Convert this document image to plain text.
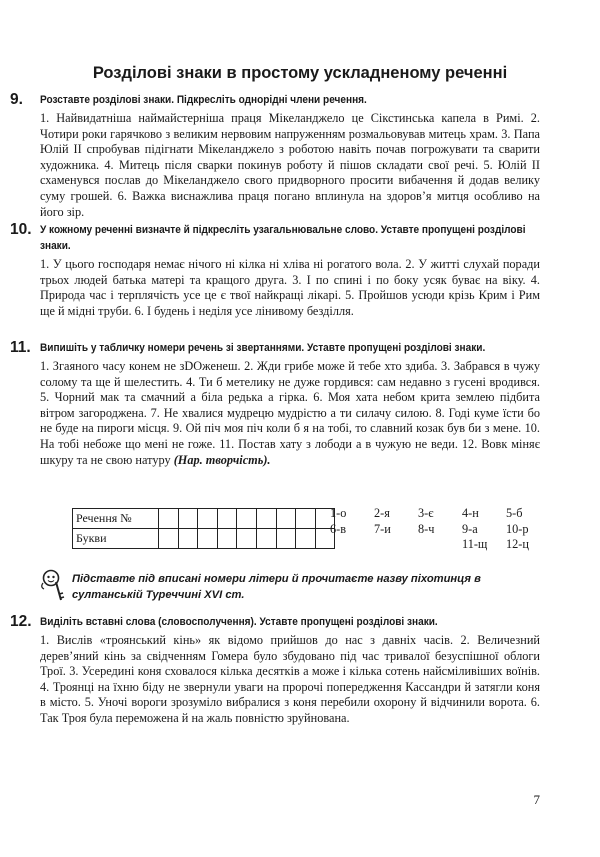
Розділові знаки в простому ускладненому реченні
9. Розставте розділові знаки. Підкресліть однорідні члени речення.

1. Найвидатніша наймайстерніша праця Мікеланджело це Сікстинська капела в Римі. 2. Чотири роки гарячково з великим нервовим напруженням розмальовував митець храм. 3. Папа Юлій ІІ спробував підігнати Мікеланджело з роботою навіть почав погрожувати та сварити художника. 4. Митець після сварки покинув роботу й пішов складати свої речі. 5. Юлій ІІ схаменувся послав до Мікеланджело свого придворного просити вибачення й додав велику суму грошей. 6. Важка виснажлива праця погано вплинула на здоров’я митця особливо на його зір.

10. У кожному реченні визначте й підкресліть узагальнювальне слово. Уставте пропущені розділові знаки.

1. У цього господаря немає нічого ні кілка ні хліва ні рогатого вола. 2. У житті слухай поради трьох людей батька матері та кращого друга. 3. І по спині і по боку усяк буває на віку. 4. Природа час і терплячість усе це є твої найкращі лікарі. 5. Пройшов усюди крізь Крим і Рим ще й мідні труби. 6. І будень і неділя усе лінивому безділля.

11. Випишіть у табличку номери речень зі звертаннями. Уставте пропущені розділові знаки.

1. Згаяного часу конем не зDOженеш. 2. Жди грибе може й тебе хто здиба. 3. Забрався в чужу солому та ще й шелестить. 4. Ти б метелику не дуже гордився: сам недавно з гусені вродився. 5. Чорний мак та смачний a біла редька a гірка. 6. Моя хата небом крита землею підбита вітром загороджена. 7. Не хвалися мудрецю мудрістю a ти силачу силою. 8. Годі куме їсти бо не буде на пироги місця. 9. Ой піч моя піч коли б я на тобі, то славний козак був би з мене. 10. На тобі небоже що мені не гоже. 11. Постав хату з лободи a в чужую не веди. 12. Вовк міняє шкуру та не свою натуру (Нар. творчість).

Речення №									
Букви									
1-о	2-я	3-є	4-н	5-б
6-в	7-и	8-ч	9-а	10-р
11-щ	12-ц
Підставте під вписані номери літери й прочитаєте назву піхотинця в султанській Туреччині XVI ст.
12. Виділіть вставні слова (словосполучення). Уставте пропущені розділові знаки.

1. Вислів «троянський кінь» як відомо прийшов до нас з давніх часів. 2. Величезний дерев’яний кінь за свідченням Гомера було збудовано під час тривалої безуспішної облоги Трої. 3. Усередині коня сховалося кілька десятків а може і кілька сотень найсміливіших воїнів. 4. Троянці на їхню біду не звернули уваги на пророчі попередження Кассандри й затягли коня в місто. 5. Уночі вороги зрозуміло вибралися з коня перебили охорону й відчинили ворота. 6. Так Троя була переможена й на жаль повністю зруйнована.

7
